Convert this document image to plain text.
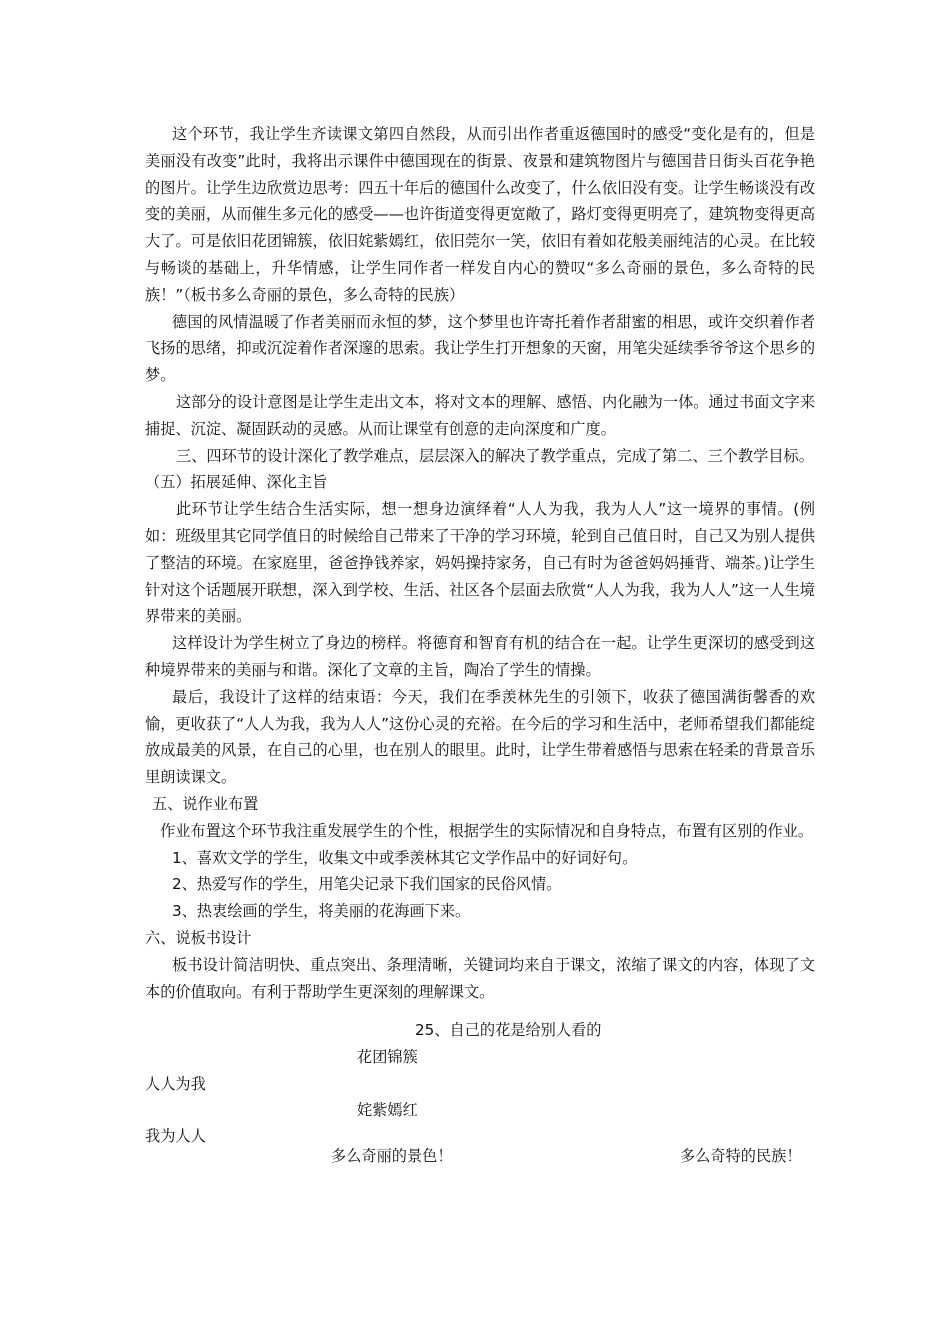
这个环节，我让学生齐读课文第四自然段，从而引出作者重返德国时的感受“变化是有的，但是美丽没有改变”此时，我将出示课件中德国现在的街景、夜景和建筑物图片与德国昔日街头百花争艳的图片。让学生边欣赏边思考：四五十年后的德国什么改变了，什么依旧没有变。让学生畅谈没有改变的美丽，从而催生多元化的感受——也许街道变得更宽敞了，路灯变得更明亮了，建筑物变得更高大了。可是依旧花团锦簇，依旧姹紫嫣红，依旧莞尔一笑，依旧有着如花般美丽纯洁的心灵。在比较与畅谈的基础上，升华情感，让学生同作者一样发自内心的赞叹“多么奇丽的景色，多么奇特的民族！”（板书多么奇丽的景色，多么奇特的民族）

德国的风情温暖了作者美丽而永恒的梦，这个梦里也许寄托着作者甜蜜的相思，或许交织着作者飞扬的思绪，抑或沉淀着作者深邃的思索。我让学生打开想象的天窗，用笔尖延续季爷爷这个思乡的梦。

这部分的设计意图是让学生走出文本，将对文本的理解、感悟、内化融为一体。通过书面文字来捕捉、沉淀、凝固跃动的灵感。从而让课堂有创意的走向深度和广度。

三、四环节的设计深化了教学难点，层层深入的解决了教学重点，完成了第二、三个教学目标。

（五）拓展延伸、深化主旨

此环节让学生结合生活实际，想一想身边演绎着“人人为我，我为人人”这一境界的事情。(例如：班级里其它同学值日的时候给自己带来了干净的学习环境，轮到自己值日时，自己又为别人提供了整洁的环境。在家庭里，爸爸挣钱养家，妈妈操持家务，自己有时为爸爸妈妈捶背、端茶。)让学生针对这个话题展开联想，深入到学校、生活、社区各个层面去欣赏“人人为我，我为人人”这一人生境界带来的美丽。

这样设计为学生树立了身边的榜样。将德育和智育有机的结合在一起。让学生更深切的感受到这种境界带来的美丽与和谐。深化了文章的主旨，陶冶了学生的情操。

最后，我设计了这样的结束语：今天，我们在季羡林先生的引领下，收获了德国满街馨香的欢愉，更收获了“人人为我，我为人人”这份心灵的充裕。在今后的学习和生活中，老师希望我们都能绽放成最美的风景，在自己的心里，也在别人的眼里。此时，让学生带着感悟与思索在轻柔的背景音乐里朗读课文。

五、说作业布置

作业布置这个环节我注重发展学生的个性，根据学生的实际情况和自身特点，布置有区别的作业。

1、喜欢文学的学生，收集文中或季羡林其它文学作品中的好词好句。

2、热爱写作的学生，用笔尖记录下我们国家的民俗风情。

3、热衷绘画的学生，将美丽的花海画下来。

六、说板书设计

板书设计简洁明快、重点突出、条理清晰，关键词均来自于课文，浓缩了课文的内容，体现了文本的价值取向。有利于帮助学生更深刻的理解课文。

25、自己的花是给别人看的
花团锦簇
人人为我
姹紫嫣红
我为人人
多么奇丽的景色！	多么奇特的民族！
